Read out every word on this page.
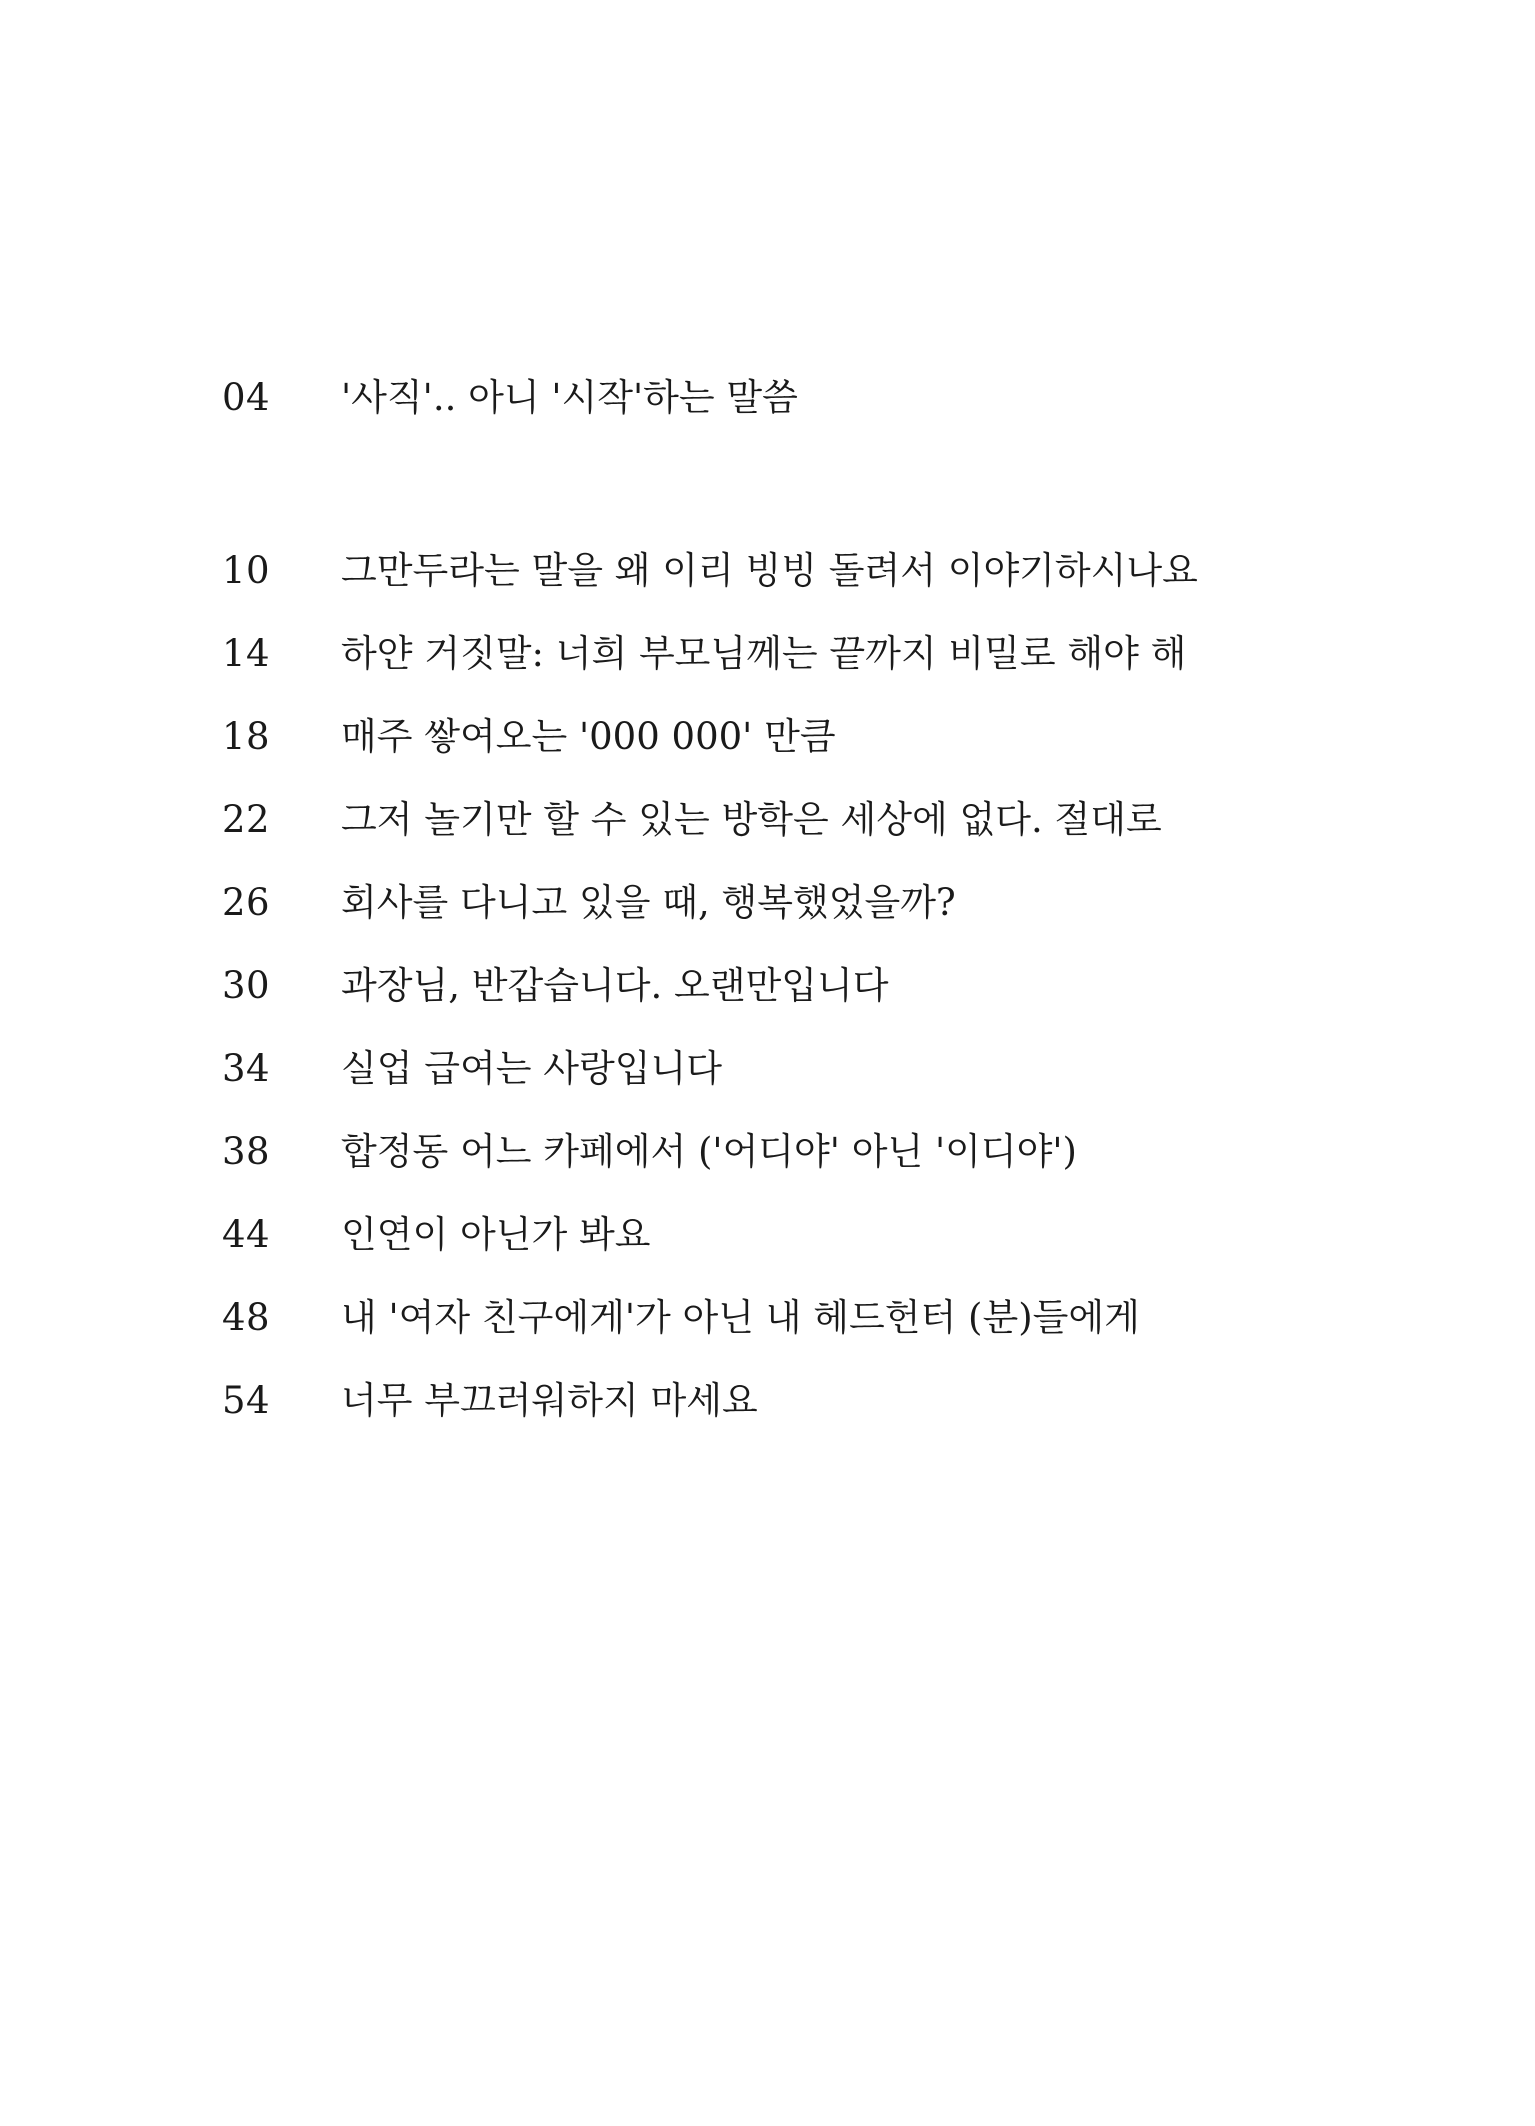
04	'사직'.. 아니 '시작'하는 말씀
10	그만두라는 말을 왜 이리 빙빙 돌려서 이야기하시나요
14	하얀 거짓말: 너희 부모님께는 끝까지 비밀로 해야 해
18	매주 쌓여오는 '000 000' 만큼
22	그저 놀기만 할 수 있는 방학은 세상에 없다. 절대로
26	회사를 다니고 있을 때, 행복했었을까?
30	과장님, 반갑습니다. 오랜만입니다
34	실업 급여는 사랑입니다
38	합정동 어느 카페에서 ('어디야' 아닌 '이디야')
44	인연이 아닌가 봐요
48	내 '여자 친구에게'가 아닌 내 헤드헌터 (분)들에게
54	너무 부끄러워하지 마세요
